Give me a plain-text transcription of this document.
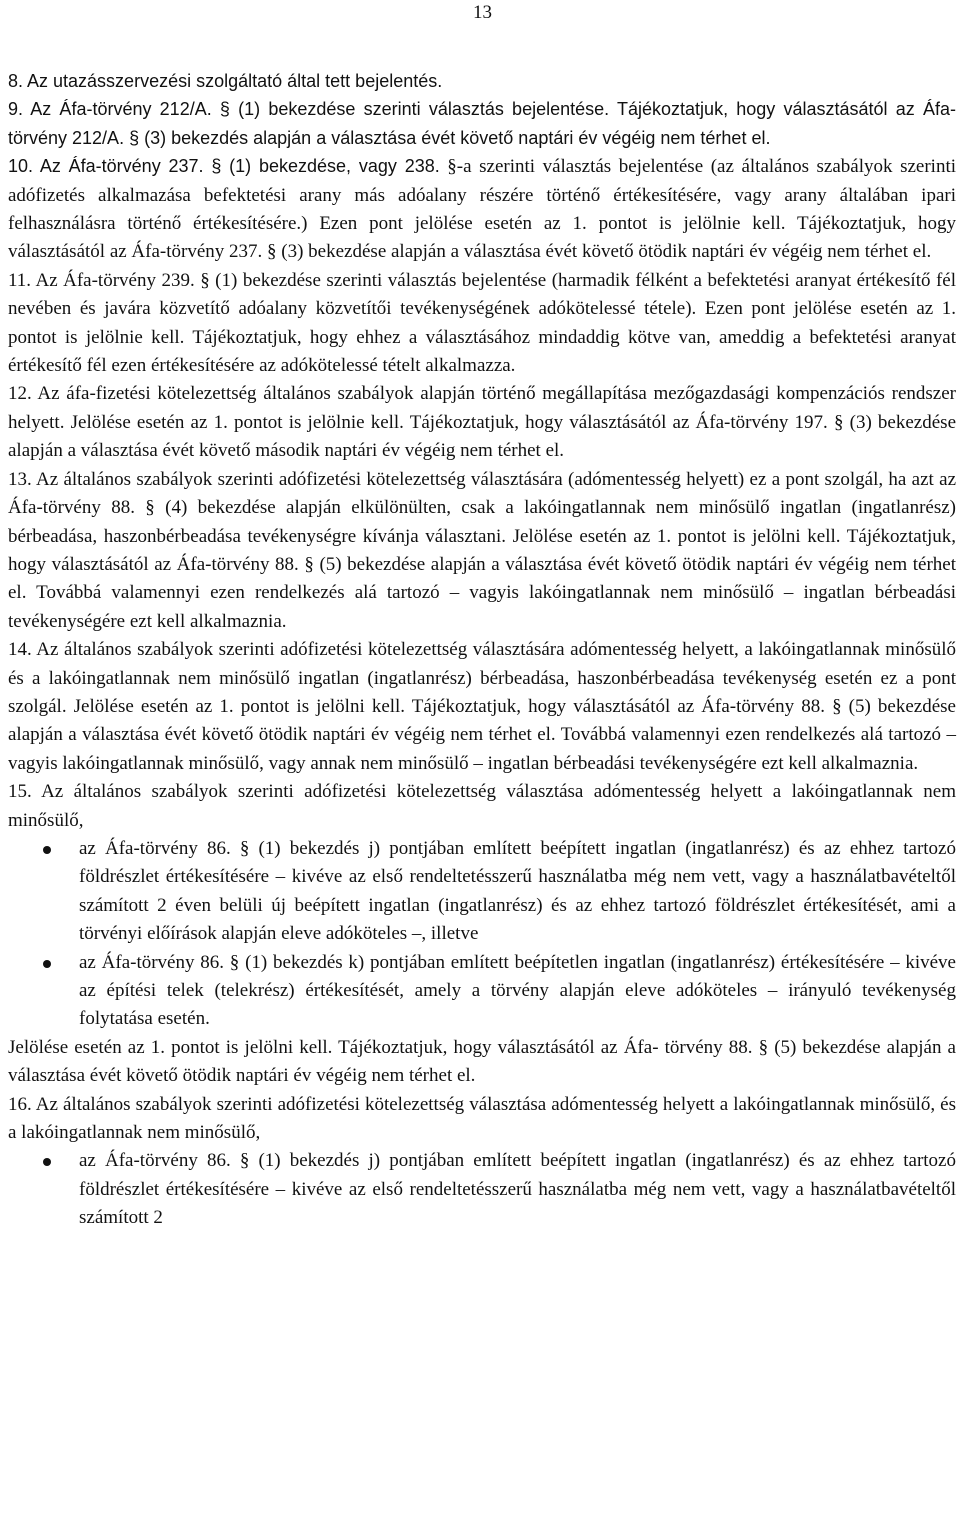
13

8. Az utazásszervezési szolgáltató által tett bejelentés.

9. Az Áfa-törvény 212/A. § (1) bekezdése szerinti választás bejelentése. Tájékoztatjuk, hogy választásától az Áfa- törvény 212/A. § (3) bekezdés alapján a választása évét követő naptári év végéig nem térhet el.

10. Az Áfa-törvény 237. § (1) bekezdése, vagy 238. §-a szerinti választás bejelentése (az általános szabályok szerinti adófizetés alkalmazása befektetési arany más adóalany részére történő értékesítésére, vagy arany általában ipari felhasználásra történő értékesítésére.) Ezen pont jelölése esetén az 1. pontot is jelölnie kell. Tájékoztatjuk, hogy választásától az Áfa-törvény 237. § (3) bekezdése alapján a választása évét követő ötödik naptári év végéig nem térhet el.

11. Az Áfa-törvény 239. § (1) bekezdése szerinti választás bejelentése (harmadik félként a befektetési aranyat értékesítő fél nevében és javára közvetítő adóalany közvetítői tevékenységének adókötelessé tétele). Ezen pont jelölése esetén az 1. pontot is jelölnie kell. Tájékoztatjuk, hogy ehhez a választásához mindaddig kötve van, ameddig a befektetési aranyat értékesítő fél ezen értékesítésére az adókötelessé tételt alkalmazza.

12. Az áfa-fizetési kötelezettség általános szabályok alapján történő megállapítása mezőgazdasági kompenzációs rendszer helyett. Jelölése esetén az 1. pontot is jelölnie kell. Tájékoztatjuk, hogy választásától az Áfa-törvény 197. § (3) bekezdése alapján a választása évét követő második naptári év végéig nem térhet el.

13. Az általános szabályok szerinti adófizetési kötelezettség választására (adómentesség helyett) ez a pont szolgál, ha azt az Áfa-törvény 88. § (4) bekezdése alapján elkülönülten, csak a lakóingatlannak nem minősülő ingatlan (ingatlanrész) bérbeadása, haszonbérbeadása tevékenységre kívánja választani. Jelölése esetén az 1. pontot is jelölni kell. Tájékoztatjuk, hogy választásától az Áfa-törvény 88. § (5) bekezdése alapján a választása évét követő ötödik naptári év végéig nem térhet el. Továbbá valamennyi ezen rendelkezés alá tartozó – vagyis lakóingatlannak nem minősülő – ingatlan bérbeadási tevékenységére ezt kell alkalmaznia.

14. Az általános szabályok szerinti adófizetési kötelezettség választására adómentesség helyett, a lakóingatlannak minősülő és a lakóingatlannak nem minősülő ingatlan (ingatlanrész) bérbeadása, haszonbérbeadása tevékenység esetén ez a pont szolgál. Jelölése esetén az 1. pontot is jelölni kell. Tájékoztatjuk, hogy választásától az Áfa-törvény 88. § (5) bekezdése alapján a választása évét követő ötödik naptári év végéig nem térhet el. Továbbá valamennyi ezen rendelkezés alá tartozó – vagyis lakóingatlannak minősülő, vagy annak nem minősülő – ingatlan bérbeadási tevékenységére ezt kell alkalmaznia.

15. Az általános szabályok szerinti adófizetési kötelezettség választása adómentesség helyett a lakóingatlannak nem minősülő,

az Áfa-törvény 86. § (1) bekezdés j) pontjában említett beépített ingatlan (ingatlanrész) és az ehhez tartozó földrészlet értékesítésére – kivéve az első rendeltetésszerű használatba még nem vett, vagy a használatbavételtől számított 2 éven belüli új beépített ingatlan (ingatlanrész) és az ehhez tartozó földrészlet értékesítését, ami a törvényi előírások alapján eleve adóköteles –, illetve
az Áfa-törvény 86. § (1) bekezdés k) pontjában említett beépítetlen ingatlan (ingatlanrész) értékesítésére – kivéve az építési telek (telekrész) értékesítését, amely a törvény alapján eleve adóköteles – irányuló tevékenység folytatása esetén.

Jelölése esetén az 1. pontot is jelölni kell. Tájékoztatjuk, hogy választásától az Áfa- törvény 88. § (5) bekezdése alapján a választása évét követő ötödik naptári év végéig nem térhet el.

16. Az általános szabályok szerinti adófizetési kötelezettség választása adómentesség helyett a lakóingatlannak minősülő, és a lakóingatlannak nem minősülő,

az Áfa-törvény 86. § (1) bekezdés j) pontjában említett beépített ingatlan (ingatlanrész) és az ehhez tartozó földrészlet értékesítésére – kivéve az első rendeltetésszerű használatba még nem vett, vagy a használatbavételtől számított 2
